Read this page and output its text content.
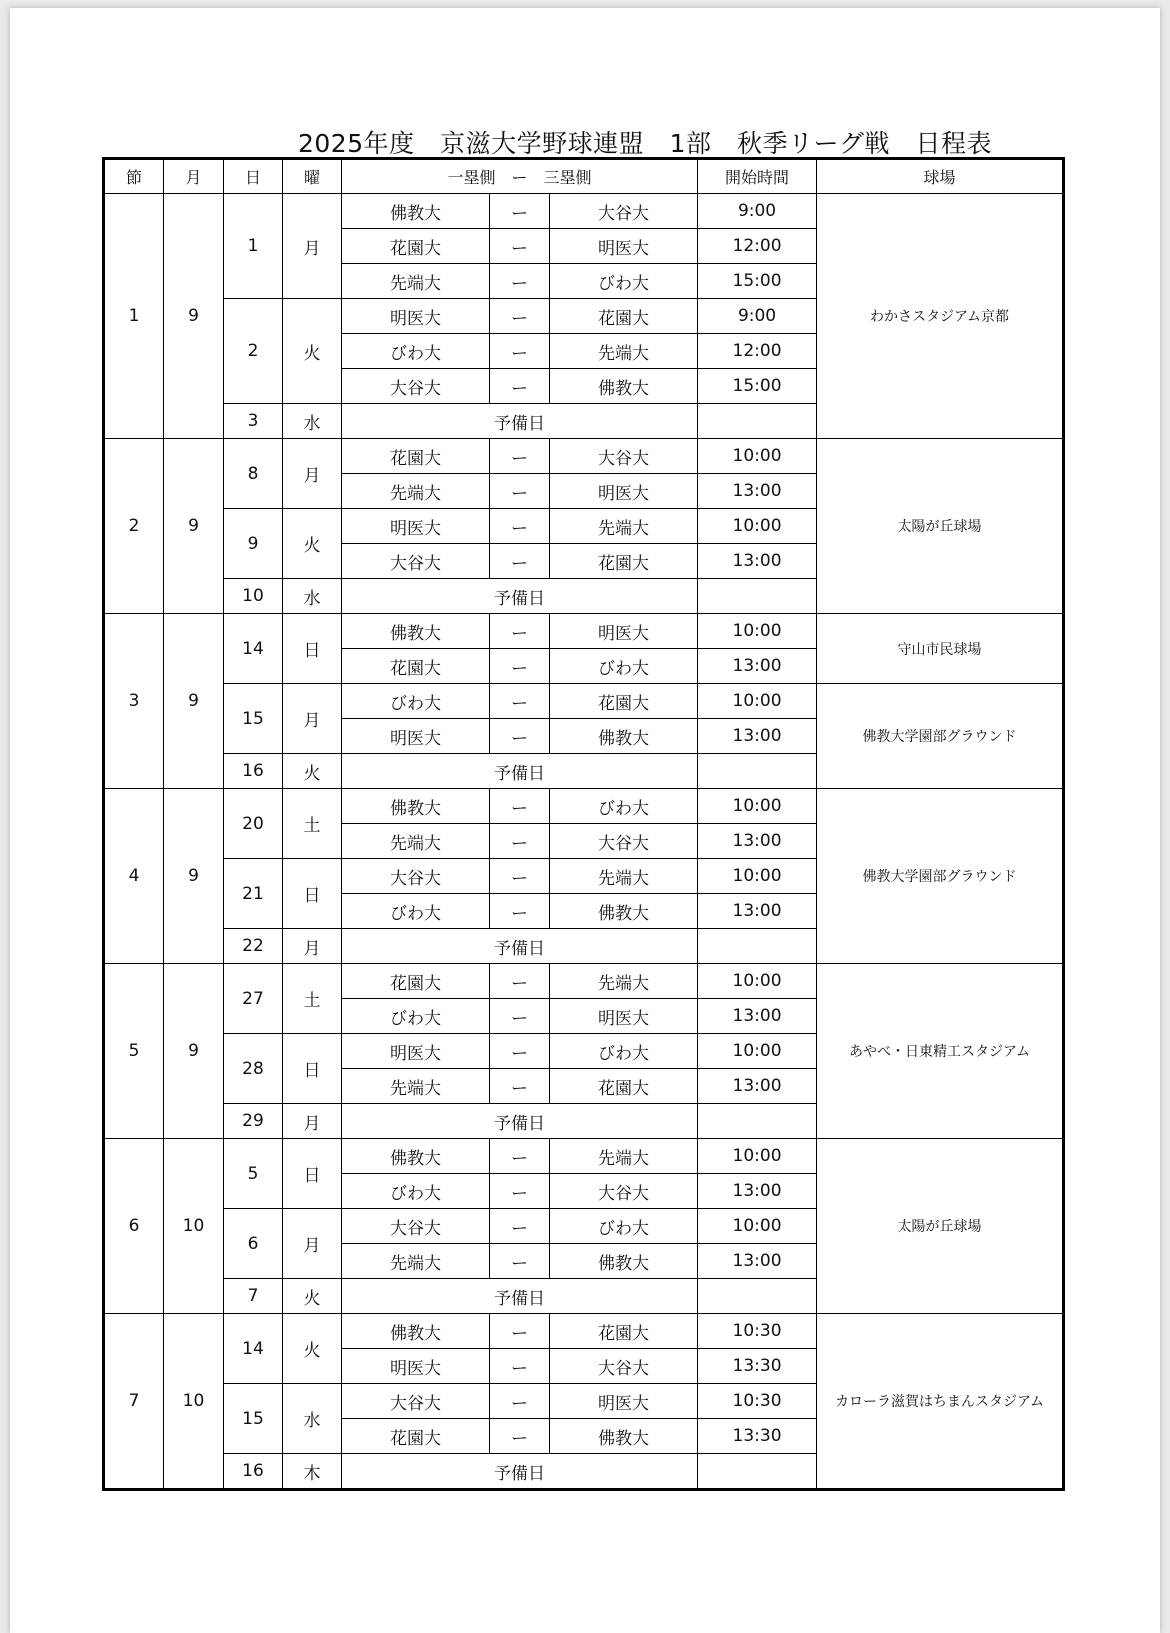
2025年度　京滋大学野球連盟　1部　秋季リーグ戦　日程表
節	月	日	曜	一塁側　ー　三塁側			開始時間	球場
1	9	1	月	佛教大	ー	大谷大	9:00	わかさスタジアム京都
				花園大	ー	明医大	12:00	
				先端大	ー	びわ大	15:00	
		2	火	明医大	ー	花園大	9:00	
				びわ大	ー	先端大	12:00	
				大谷大	ー	佛教大	15:00	
		3	水	予備日				
2	9	8	月	花園大	ー	大谷大	10:00	太陽が丘球場
				先端大	ー	明医大	13:00	
		9	火	明医大	ー	先端大	10:00	
				大谷大	ー	花園大	13:00	
		10	水	予備日				
3	9	14	日	佛教大	ー	明医大	10:00	守山市民球場
				花園大	ー	びわ大	13:00	
		15	月	びわ大	ー	花園大	10:00	佛教大学園部グラウンド
				明医大	ー	佛教大	13:00	
		16	火	予備日				
4	9	20	土	佛教大	ー	びわ大	10:00	佛教大学園部グラウンド
				先端大	ー	大谷大	13:00	
		21	日	大谷大	ー	先端大	10:00	
				びわ大	ー	佛教大	13:00	
		22	月	予備日				
5	9	27	土	花園大	ー	先端大	10:00	あやべ・日東精工スタジアム
				びわ大	ー	明医大	13:00	
		28	日	明医大	ー	びわ大	10:00	
				先端大	ー	花園大	13:00	
		29	月	予備日				
6	10	5	日	佛教大	ー	先端大	10:00	太陽が丘球場
				びわ大	ー	大谷大	13:00	
		6	月	大谷大	ー	びわ大	10:00	
				先端大	ー	佛教大	13:00	
		7	火	予備日				
7	10	14	火	佛教大	ー	花園大	10:30	カローラ滋賀はちまんスタジアム
				明医大	ー	大谷大	13:30	
		15	水	大谷大	ー	明医大	10:30	
				花園大	ー	佛教大	13:30	
		16	木	予備日				
